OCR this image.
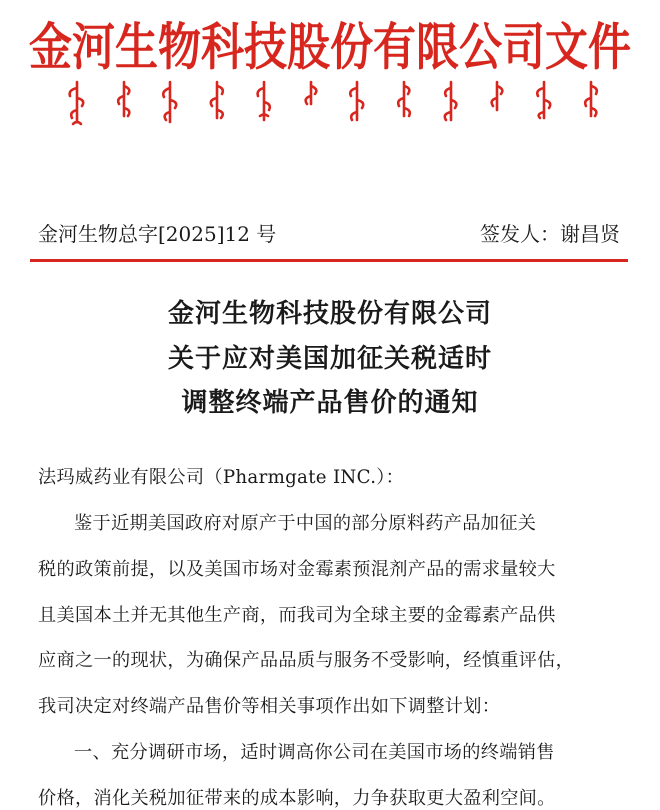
金河生物科技股份有限公司文件
金河生物总字[2025]12 号	签发人：谢昌贤
金河生物科技股份有限公司
关于应对美国加征关税适时
调整终端产品售价的通知
法玛威药业有限公司（Pharmgate INC.）：
鉴于近期美国政府对原产于中国的部分原料药产品加征关
税的政策前提，以及美国市场对金霉素预混剂产品的需求量较大
且美国本土并无其他生产商，而我司为全球主要的金霉素产品供
应商之一的现状，为确保产品品质与服务不受影响，经慎重评估，
我司决定对终端产品售价等相关事项作出如下调整计划：
一、充分调研市场，适时调高你公司在美国市场的终端销售
价格，消化关税加征带来的成本影响，力争获取更大盈利空间。
